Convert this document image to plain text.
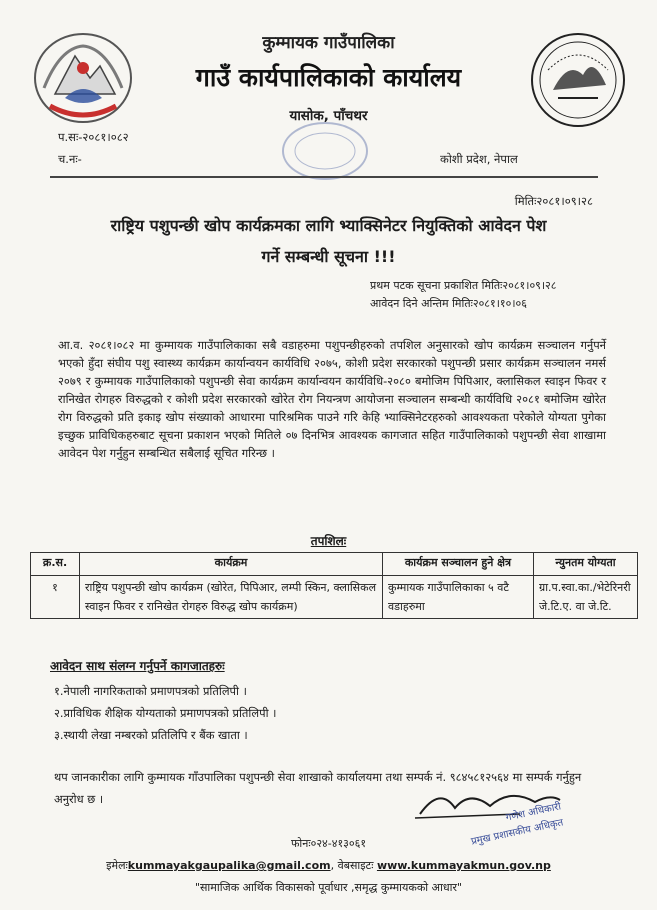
कुम्मायक गाउँपालिका
गाउँ कार्यपालिकाको कार्यालय
यासोक, पाँचथर
प.सः-२०८१।०८२
च.नः-	कोशी प्रदेश, नेपाल
मितिः२०८१।०९।२८
राष्ट्रिय पशुपन्छी खोप कार्यक्रमका लागि भ्याक्सिनेटर नियुक्तिको आवेदन पेश
गर्ने सम्बन्धी सूचना !!!
प्रथम पटक सूचना प्रकाशित मितिः२०८१।०९।२८
आवेदन दिने अन्तिम मितिः२०८१।१०।०६
आ.व. २०८१।०८२ मा कुम्मायक गाउँपालिकाका सबै वडाहरुमा पशुपन्छीहरुको तपशिल अनुसारको खोप कार्यक्रम सञ्चालन गर्नुपर्ने भएको हुँदा संघीय पशु स्वास्थ्य कार्यक्रम कार्यान्वयन कार्यविधि २०७५, कोशी प्रदेश सरकारको पशुपन्छी प्रसार कार्यक्रम सञ्चालन नमर्स २०७९ र कुम्मायक गाउँपालिकाको पशुपन्छी सेवा कार्यक्रम कार्यान्वयन कार्यविधि-२०८० बमोजिम पिपिआर, क्लासिकल स्वाइन फिवर र रानिखेत रोगहरु विरुद्धको र कोशी प्रदेश सरकारको खोरेत रोग नियन्त्रण आयोजना सञ्चालन सम्बन्धी कार्यविधि २०८१ बमोजिम खोरेत रोग विरुद्धको प्रति इकाइ खोप संख्याको आधारमा पारिश्रमिक पाउने गरि केहि भ्याक्सिनेटरहरुको आवश्यकता परेकोले योग्यता पुगेका इच्छुक प्राविधिकहरुबाट सूचना प्रकाशन भएको मितिले ०७ दिनभित्र आवश्यक कागजात सहित गाउँपालिकाको पशुपन्छी सेवा शाखामा आवेदन पेश गर्नुहुन सम्बन्धित सबैलाई सूचित गरिन्छ ।
तपशिलः
क्र.स.	कार्यक्रम	कार्यक्रम सञ्चालन हुने क्षेत्र	न्युनतम योग्यता
१	राष्ट्रिय पशुपन्छी खोप कार्यक्रम (खोरेत, पिपिआर, लम्पी स्किन, क्लासिकल स्वाइन फिवर र रानिखेत रोगहरु विरुद्ध खोप कार्यक्रम)	कुम्मायक गाउँपालिकाका ५ वटै वडाहरुमा	ग्रा.प.स्वा.का./भेटेरिनरी जे.टि.ए. वा जे.टि.
आवेदन साथ संलग्न गर्नुपर्ने कागजातहरुः
१.नेपाली नागरिकताको प्रमाणपत्रको प्रतिलिपी ।
२.प्राविधिक शैक्षिक योग्यताको प्रमाणपत्रको प्रतिलिपी ।
३.स्थायी लेखा नम्बरको प्रतिलिपि र बैंक खाता ।
थप जानकारीका लागि कुम्मायक गाँउपालिका पशुपन्छी सेवा शाखाको कार्यालयमा तथा सम्पर्क नं. ९८४५८१२५६४ मा सम्पर्क गर्नुहुन अनुरोध छ ।
गणेश अधिकारी
प्रमुख प्रशासकीय अधिकृत
फोनः०२४-४१३०६१
इमेलःkummayakgaupalika@gmail.com, वेबसाइटः www.kummayakmun.gov.np
"सामाजिक आर्थिक विकासको पूर्वाधार ,समृद्ध कुम्मायकको आधार"
